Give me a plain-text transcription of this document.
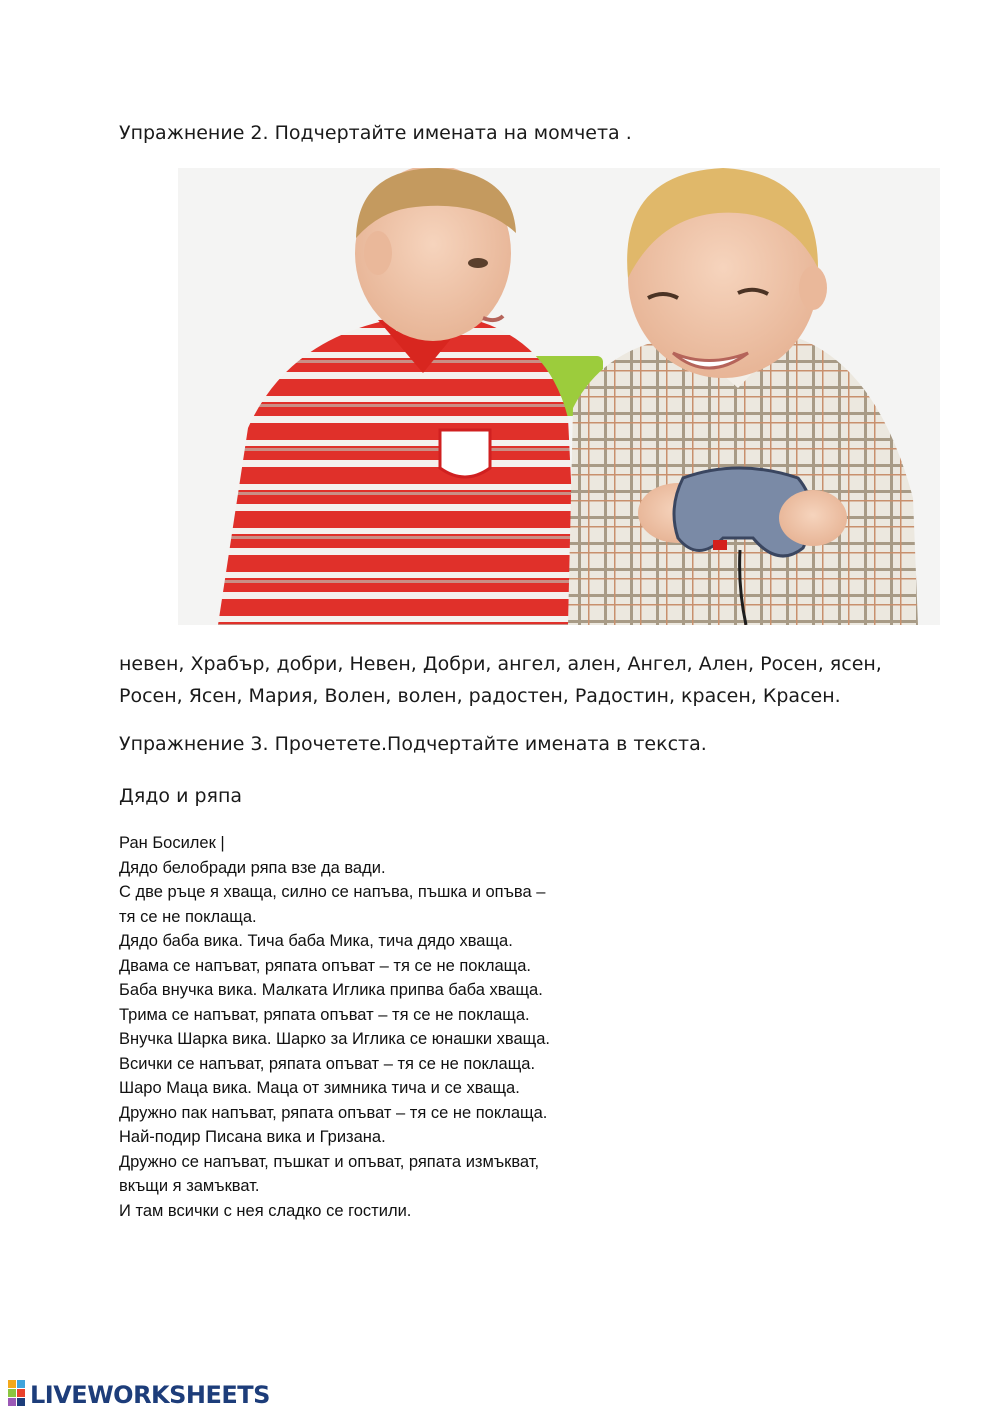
Упражнение 2. Подчертайте имената на момчета .

невен, Храбър, добри, Невен, Добри, ангел, ален, Ангел, Ален, Росен, ясен,
Росен, Ясен, Мария, Волен, волен, радостен, Радостин, красен, Красен.

Упражнение 3. Прочетете.Подчертайте имената в текста.
Дядо и ряпа
Ран Босилек |
Дядо белобради ряпа взе да вади.
С две ръце я хваща, силно се напъва, пъшка и опъва –
тя се не поклаща.
Дядо баба вика. Тича баба Мика, тича дядо хваща.
Двама се напъват, ряпата опъват – тя се не поклаща.
Баба внучка вика. Малката Иглика припва баба хваща.
Трима се напъват, ряпата опъват – тя се не поклаща.
Внучка Шарка вика. Шарко за Иглика се юнашки хваща.
Всички се напъват, ряпата опъват – тя се не поклаща.
Шаро Маца вика. Маца от зимника тича и се хваща.
Дружно пак напъват, ряпата опъват – тя се не поклаща.
Най-подир Писана вика и Гризана.
Дружно се напъват, пъшкат и опъват, ряпата измъкват,
вкъщи я замъкват.
И там всички с нея сладко се гостили.
LIVEWORKSHEETS
